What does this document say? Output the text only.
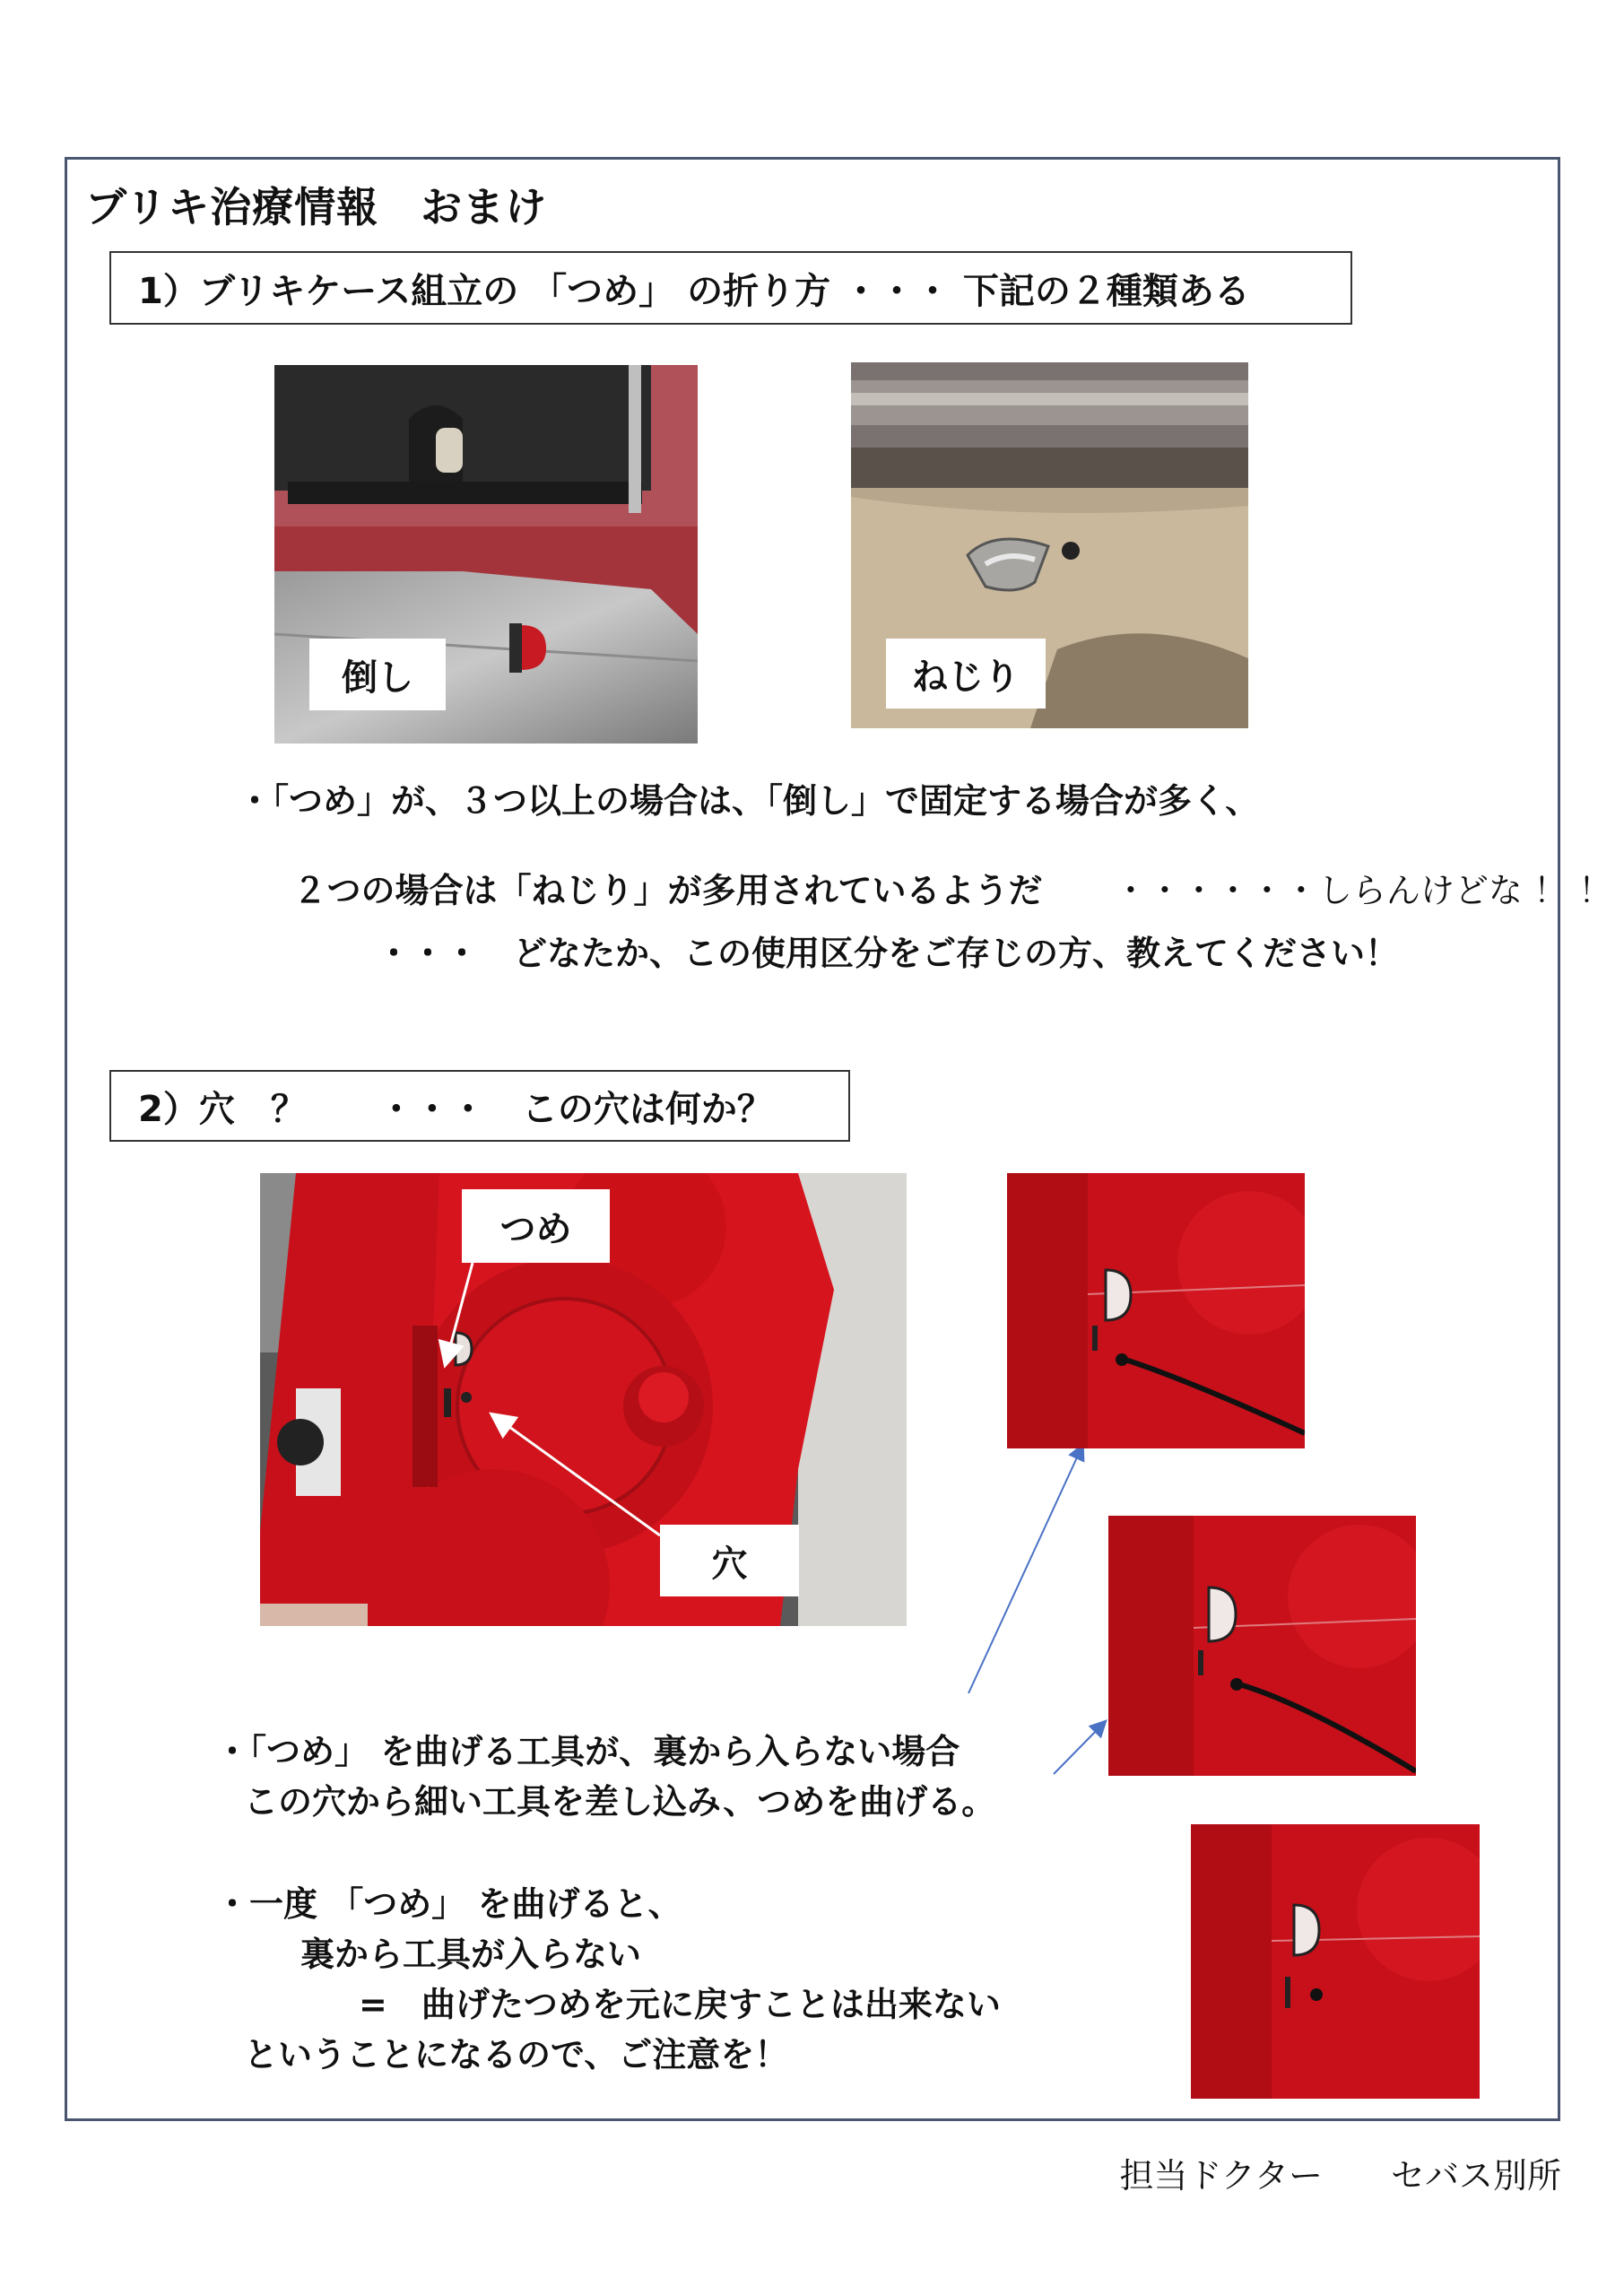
ブリキ治療情報　おまけ
1）ブリキケース組立の 「つめ」 の折り方 ・・・ 下記の２種類ある
倒し	ねじり
・「つめ」が、３つ以上の場合は、「倒し」で固定する場合が多く、

２つの場合は「ねじり」が多用されているようだ ・・・・・・しらんけどな ！ ！

・・・　どなたか、この使用区分をご存じの方、教えてください！
2）穴　？　　・・・　この穴は何か？
つめ
穴
・「つめ」 を曲げる工具が、裏から入らない場合
この穴から細い工具を差し込み、つめを曲げる。
・一度 「つめ」 を曲げると、
裏から工具が入らない
=　曲げたつめを元に戻すことは出来ない
ということになるので、ご注意を！
担当ドクター　　セバス別所
